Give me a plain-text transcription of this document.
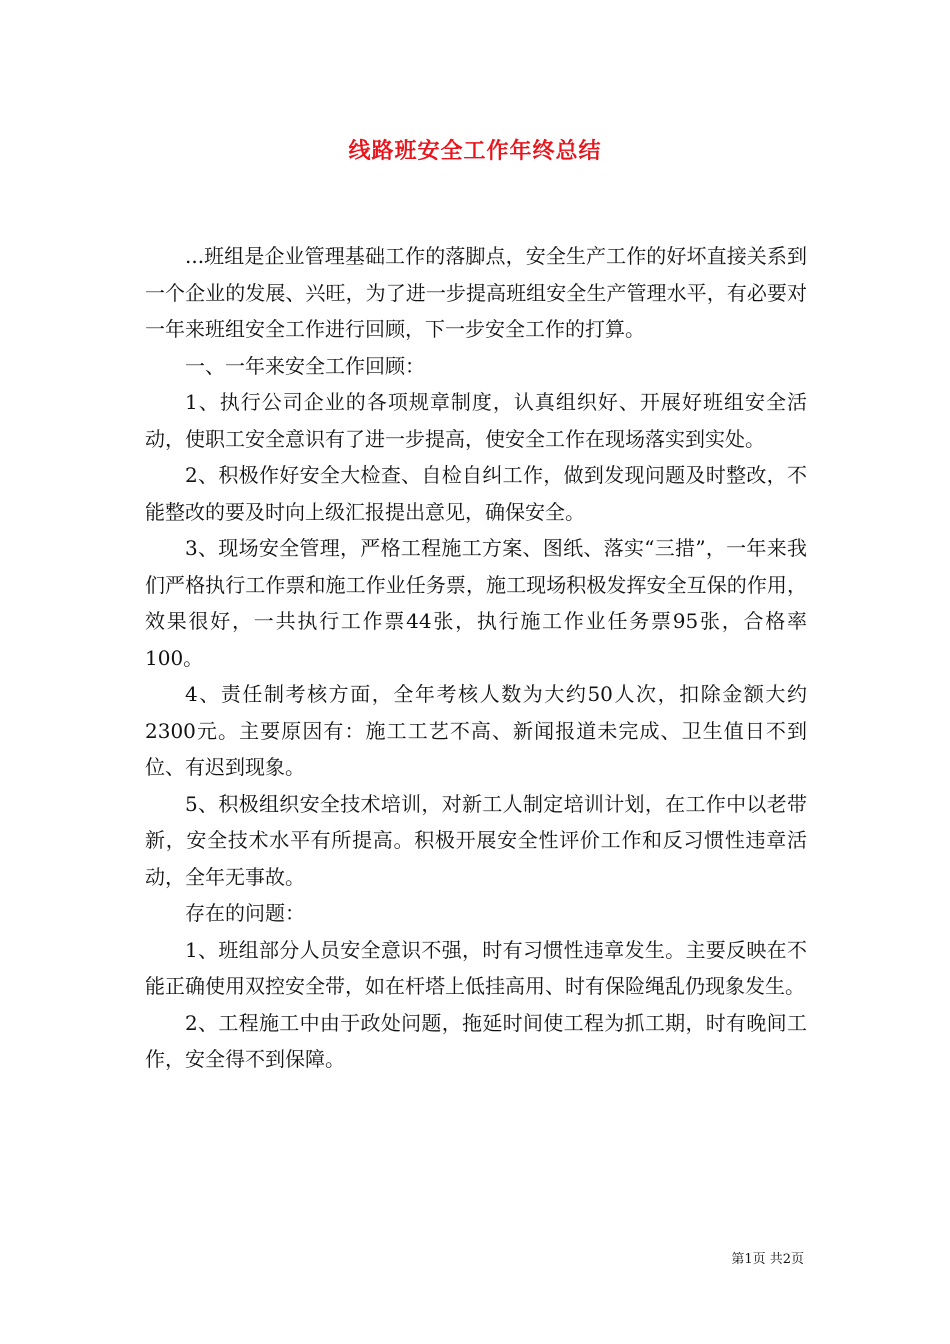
线路班安全工作年终总结

...班组是企业管理基础工作的落脚点，安全生产工作的好坏直接关系到一个企业的发展、兴旺，为了进一步提高班组安全生产管理水平，有必要对一年来班组安全工作进行回顾，下一步安全工作的打算。

一、一年来安全工作回顾：

1、执行公司企业的各项规章制度，认真组织好、开展好班组安全活动，使职工安全意识有了进一步提高，使安全工作在现场落实到实处。

2、积极作好安全大检查、自检自纠工作，做到发现问题及时整改，不能整改的要及时向上级汇报提出意见，确保安全。

3、现场安全管理，严格工程施工方案、图纸、落实“三措”，一年来我们严格执行工作票和施工作业任务票，施工现场积极发挥安全互保的作用，效果很好，一共执行工作票44张，执行施工作业任务票95张，合格率100。

4、责任制考核方面，全年考核人数为大约50人次，扣除金额大约2300元。主要原因有：施工工艺不高、新闻报道未完成、卫生值日不到位、有迟到现象。

5、积极组织安全技术培训，对新工人制定培训计划，在工作中以老带新，安全技术水平有所提高。积极开展安全性评价工作和反习惯性违章活动，全年无事故。

存在的问题：

1、班组部分人员安全意识不强，时有习惯性违章发生。主要反映在不能正确使用双控安全带，如在杆塔上低挂高用、时有保险绳乱仍现象发生。

2、工程施工中由于政处问题，拖延时间使工程为抓工期，时有晚间工作，安全得不到保障。

第1页 共2页
